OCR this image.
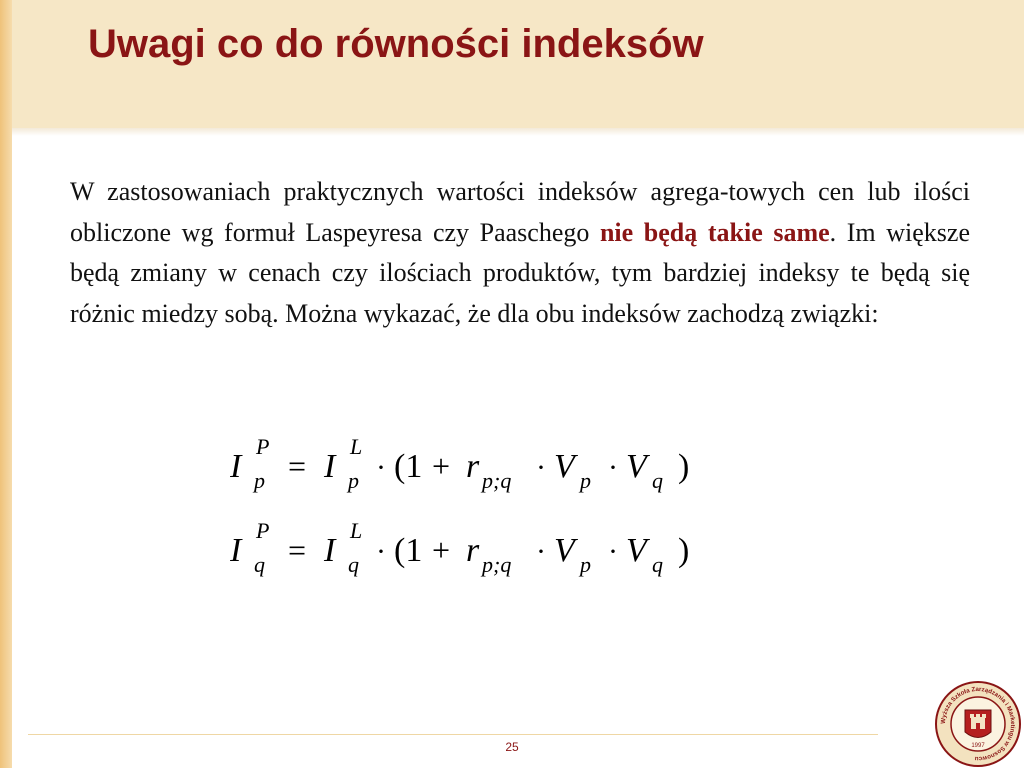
Uwagi co do równości indeksów

W zastosowaniach praktycznych wartości indeksów agrega-towych cen lub ilości obliczone wg formuł Laspeyresa czy Paaschego nie będą takie same. Im większe będą zmiany w cenach czy ilościach produktów, tym bardziej indeksy te będą się różnic miedzy sobą. Można wykazać, że dla obu indeksów zachodzą związki:

I
P
p = I
L
p · (1 + r p;q · V p · V q )
I
P
q = I
L
q · (1 + r p;q · V p · V q )
25
Wyższa Szkoła Zarządzania i Marketingu w Sosnowcu
1997
